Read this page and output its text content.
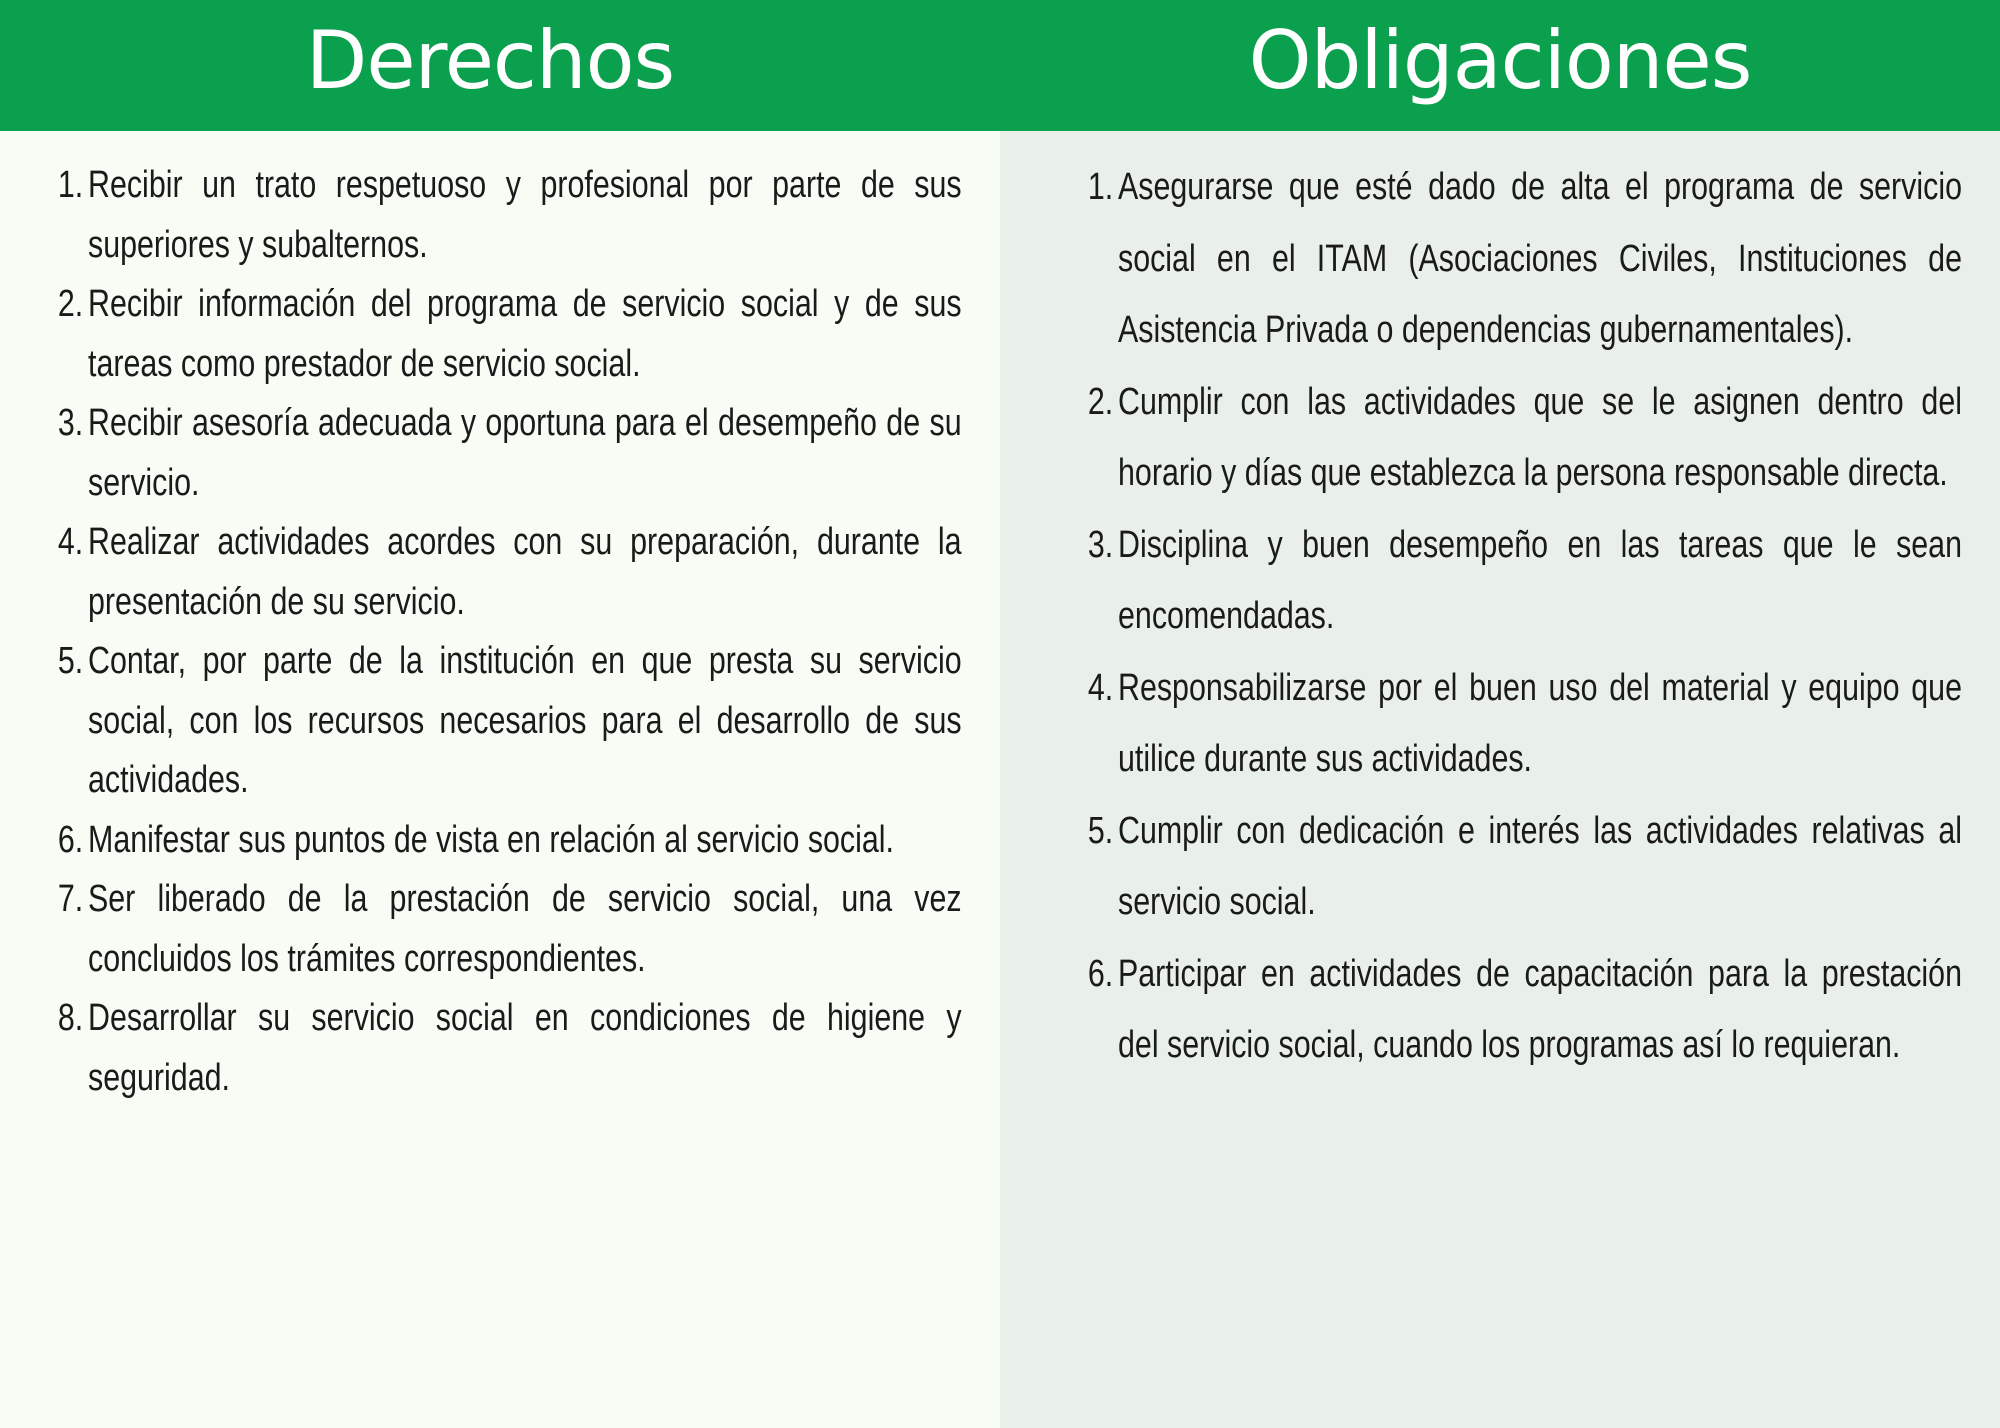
Derechos	Obligaciones
1. Recibir un trato respetuoso y profesional por parte de sus superiores y subalternos.
2. Recibir información del programa de servicio social y de sus tareas como prestador de servicio social.
3. Recibir asesoría adecuada y oportuna para el desempeño de su servicio.
4. Realizar actividades acordes con su preparación, durante la presentación de su servicio.
5. Contar, por parte de la institución en que presta su servicio social, con los recursos necesarios para el desarrollo de sus actividades.
6. Manifestar sus puntos de vista en relación al servicio social.
7. Ser liberado de la prestación de servicio social, una vez concluidos los trámites correspondientes.
8. Desarrollar su servicio social en condiciones de higiene y seguridad.
1. Asegurarse que esté dado de alta el programa de servicio social en el ITAM (Asociaciones Civiles, Instituciones de Asistencia Privada o dependencias gubernamentales).
2. Cumplir con las actividades que se le asignen dentro del horario y días que establezca la persona responsable directa.
3. Disciplina y buen desempeño en las tareas que le sean encomendadas.
4. Responsabilizarse por el buen uso del material y equipo que utilice durante sus actividades.
5. Cumplir con dedicación e interés las actividades relativas al servicio social.
6. Participar en actividades de capacitación para la prestación del servicio social, cuando los programas así lo requieran.
